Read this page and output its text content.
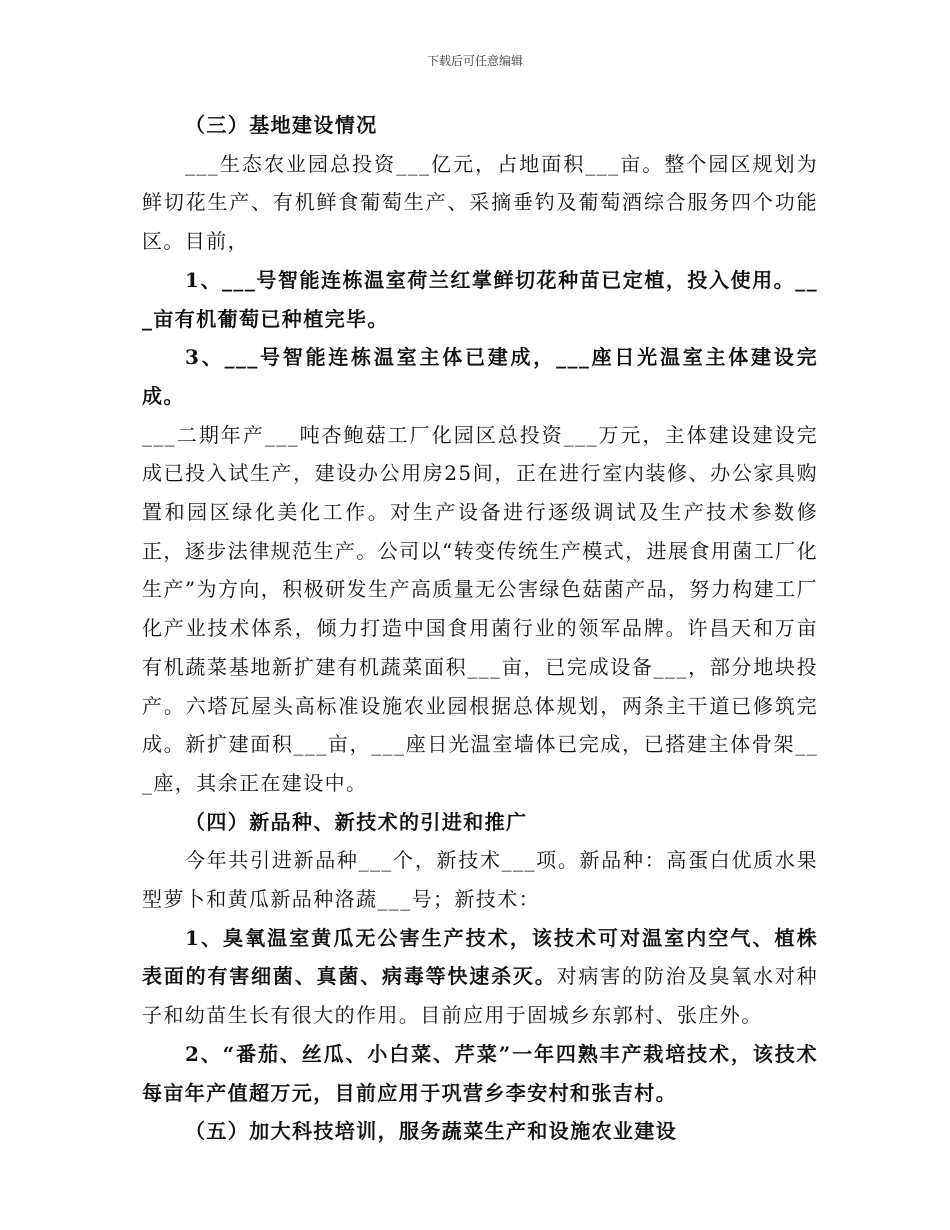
下载后可任意编辑

（三）基地建设情况

___生态农业园总投资___亿元，占地面积___亩。整个园区规划为鲜切花生产、有机鲜食葡萄生产、采摘垂钓及葡萄酒综合服务四个功能区。目前，

1、___号智能连栋温室荷兰红掌鲜切花种苗已定植，投入使用。___亩有机葡萄已种植完毕。

3、___号智能连栋温室主体已建成，___座日光温室主体建设完成。

___二期年产___吨杏鲍菇工厂化园区总投资___万元，主体建设建设完成已投入试生产，建设办公用房25间，正在进行室内装修、办公家具购置和园区绿化美化工作。对生产设备进行逐级调试及生产技术参数修正，逐步法律规范生产。公司以“转变传统生产模式，进展食用菌工厂化生产”为方向，积极研发生产高质量无公害绿色菇菌产品，努力构建工厂化产业技术体系，倾力打造中国食用菌行业的领军品牌。许昌天和万亩有机蔬菜基地新扩建有机蔬菜面积___亩，已完成设备___，部分地块投产。六塔瓦屋头高标准设施农业园根据总体规划，两条主干道已修筑完成。新扩建面积___亩，___座日光温室墙体已完成，已搭建主体骨架___座，其余正在建设中。

（四）新品种、新技术的引进和推广

今年共引进新品种___个，新技术___项。新品种：高蛋白优质水果型萝卜和黄瓜新品种洛蔬___号；新技术：

1、臭氧温室黄瓜无公害生产技术，该技术可对温室内空气、植株表面的有害细菌、真菌、病毒等快速杀灭。对病害的防治及臭氧水对种子和幼苗生长有很大的作用。目前应用于固城乡东郭村、张庄外。

2、“番茄、丝瓜、小白菜、芹菜”一年四熟丰产栽培技术，该技术每亩年产值超万元，目前应用于巩营乡李安村和张吉村。

（五）加大科技培训，服务蔬菜生产和设施农业建设
